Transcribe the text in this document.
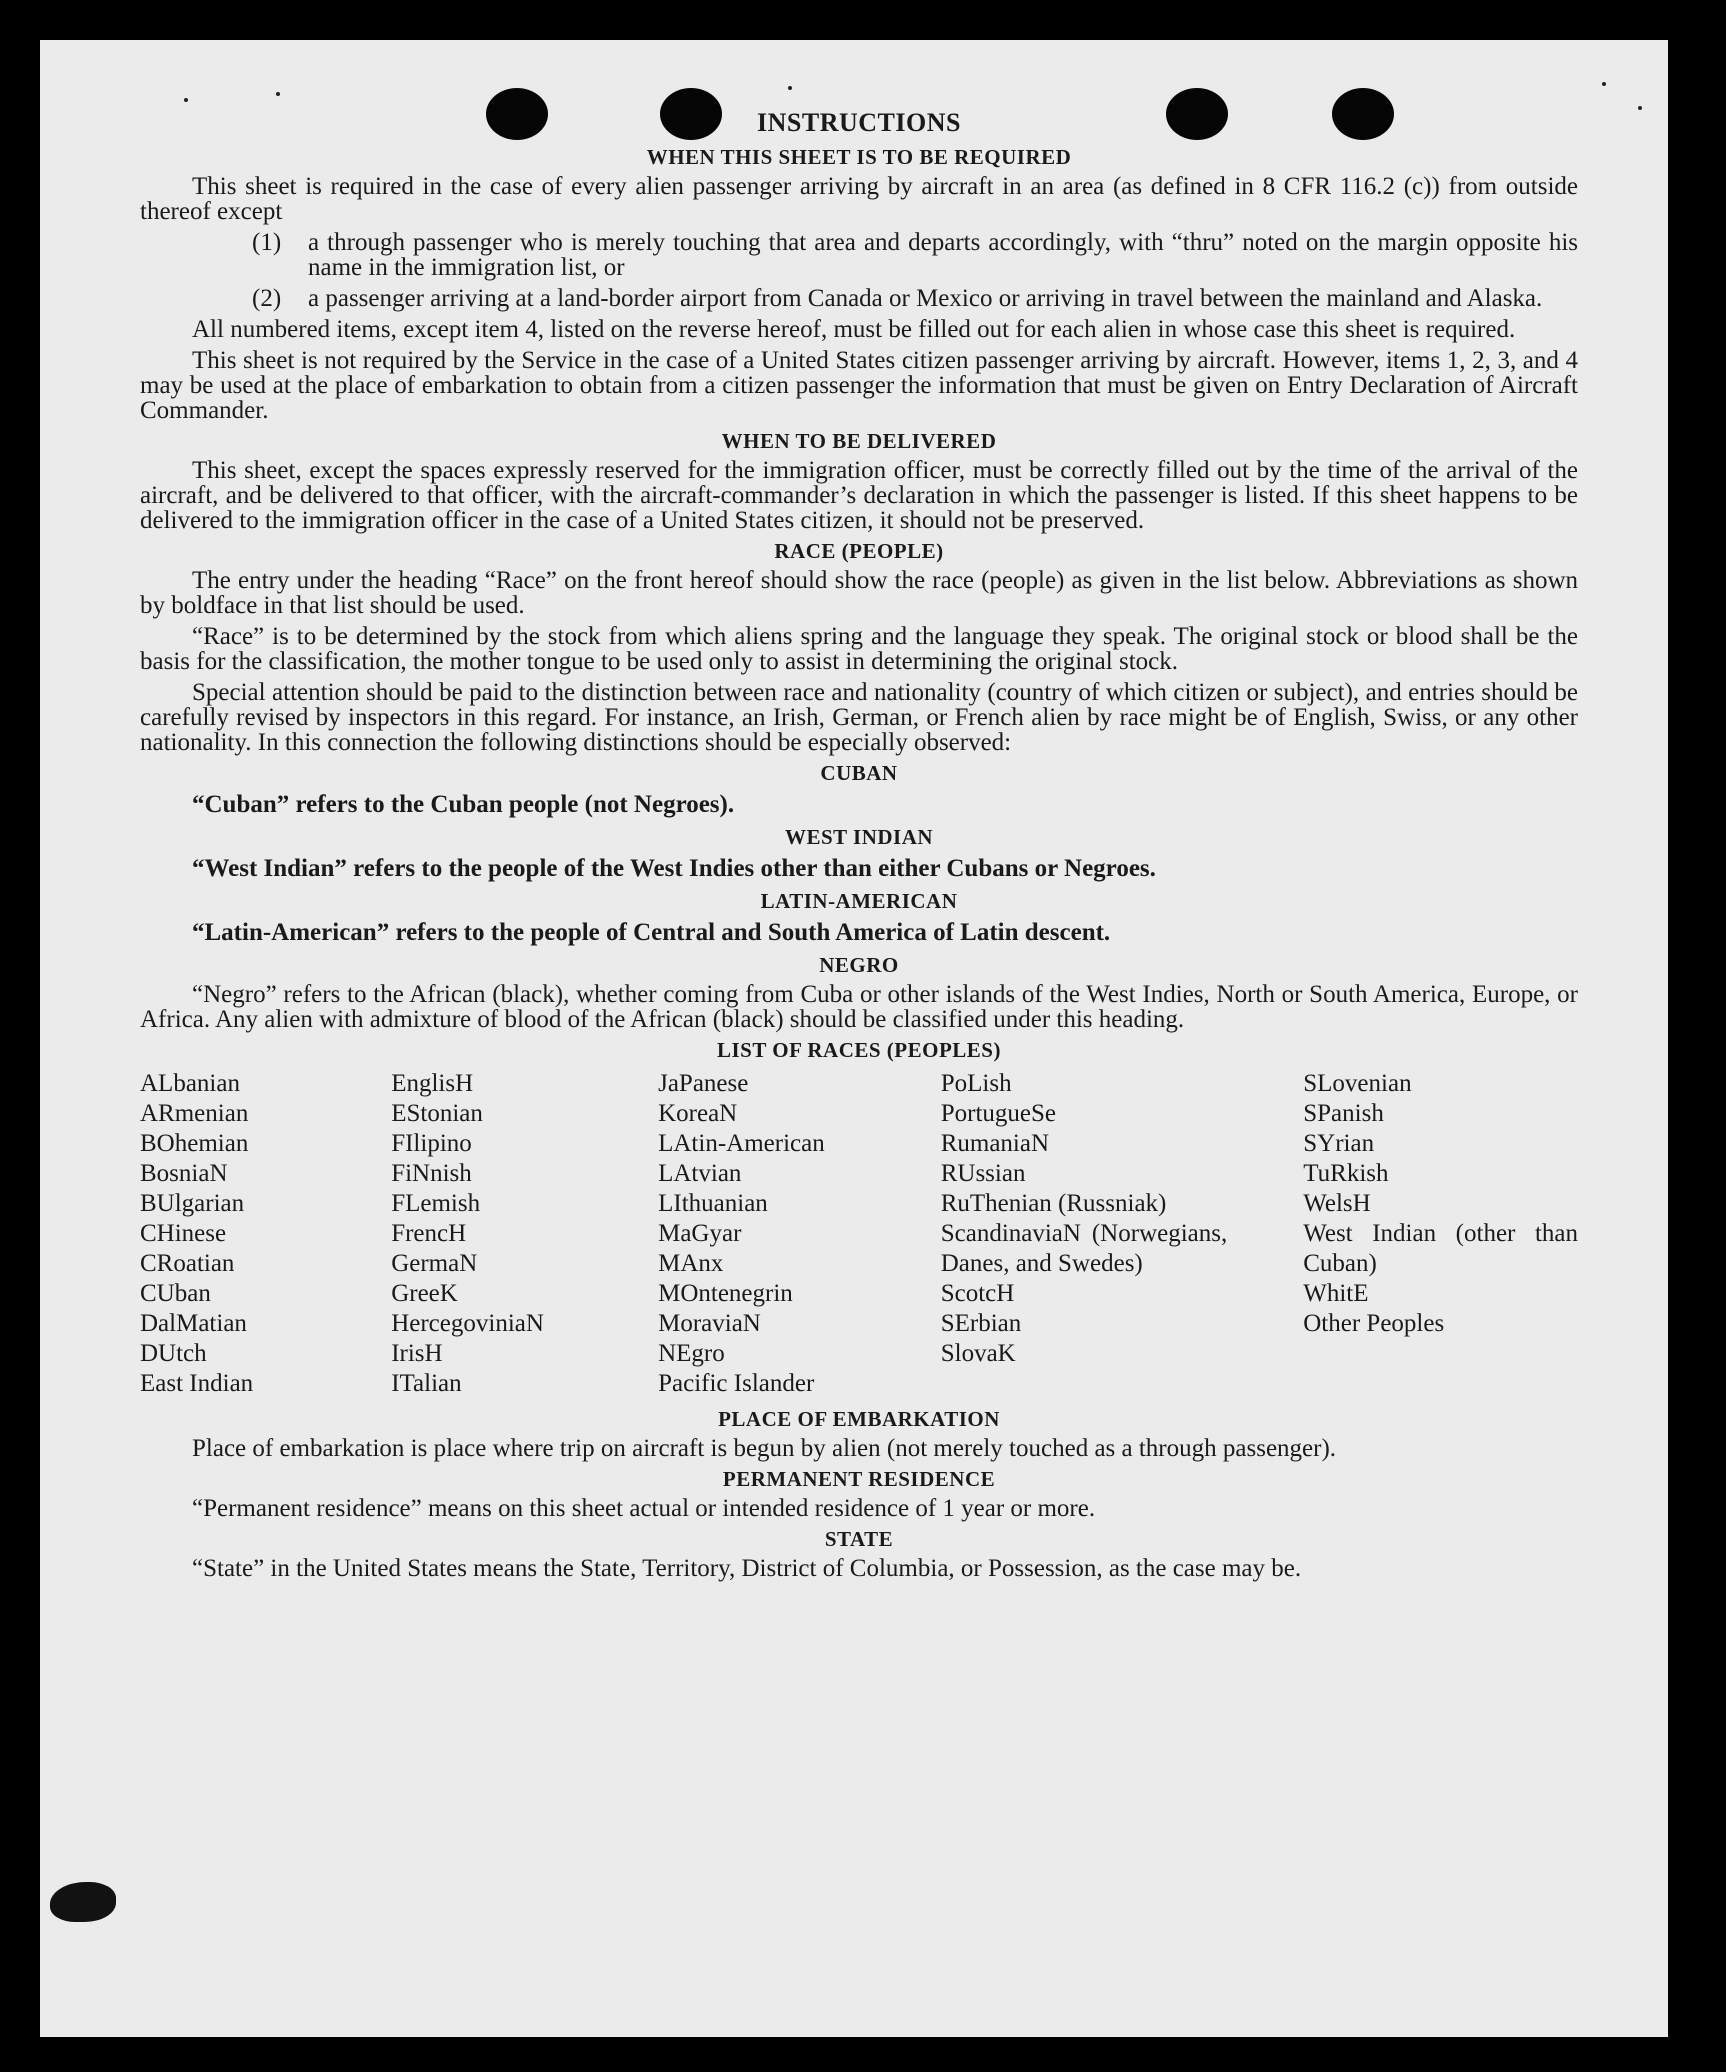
INSTRUCTIONS
WHEN THIS SHEET IS TO BE REQUIRED

This sheet is required in the case of every alien passenger arriving by aircraft in an area (as defined in 8 CFR 116.2 (c)) from outside thereof except

(1)	a through passenger who is merely touching that area and departs accordingly, with “thru” noted on the margin opposite his name in the immigration list, or
(2)	a passenger arriving at a land-border airport from Canada or Mexico or arriving in travel between the mainland and Alaska.

All numbered items, except item 4, listed on the reverse hereof, must be filled out for each alien in whose case this sheet is required.

This sheet is not required by the Service in the case of a United States citizen passenger arriving by aircraft. However, items 1, 2, 3, and 4 may be used at the place of embarkation to obtain from a citizen passenger the information that must be given on Entry Declaration of Aircraft Commander.

WHEN TO BE DELIVERED

This sheet, except the spaces expressly reserved for the immigration officer, must be correctly filled out by the time of the arrival of the aircraft, and be delivered to that officer, with the aircraft-commander’s declaration in which the passenger is listed. If this sheet happens to be delivered to the immigration officer in the case of a United States citizen, it should not be preserved.

RACE (PEOPLE)

The entry under the heading “Race” on the front hereof should show the race (people) as given in the list below. Abbreviations as shown by boldface in that list should be used.

“Race” is to be determined by the stock from which aliens spring and the language they speak. The original stock or blood shall be the basis for the classification, the mother tongue to be used only to assist in determining the original stock.

Special attention should be paid to the distinction between race and nationality (country of which citizen or subject), and entries should be carefully revised by inspectors in this regard. For instance, an Irish, German, or French alien by race might be of English, Swiss, or any other nationality. In this connection the following distinctions should be especially observed:

CUBAN
“Cuban” refers to the Cuban people (not Negroes).
WEST INDIAN
“West Indian” refers to the people of the West Indies other than either Cubans or Negroes.
LATIN-AMERICAN
“Latin-American” refers to the people of Central and South America of Latin descent.
NEGRO

“Negro” refers to the African (black), whether coming from Cuba or other islands of the West Indies, North or South America, Europe, or Africa. Any alien with admixture of blood of the African (black) should be classified under this heading.

LIST OF RACES (PEOPLES)
ALbanian
ARmenian
BOhemian
BosniaN
BUlgarian
CHinese
CRoatian
CUban
DalMatian
DUtch
East Indian
EnglisH
EStonian
FIlipino
FiNnish
FLemish
FrencH
GermaN
GreeK
HercegoviniaN
IrisH
ITalian
JaPanese
KoreaN
LAtin-American
LAtvian
LIthuanian
MaGyar
MAnx
MOntenegrin
MoraviaN
NEgro
Pacific Islander
PoLish
PortugueSe
RumaniaN
RUssian
RuThenian (Russniak)
ScandinaviaN (Norwegians, Danes, and Swedes)
ScotcH
SErbian
SlovaK
SLovenian
SPanish
SYrian
TuRkish
WelsH
West Indian (other than Cuban)
WhitE
Other Peoples
PLACE OF EMBARKATION

Place of embarkation is place where trip on aircraft is begun by alien (not merely touched as a through passenger).

PERMANENT RESIDENCE

“Permanent residence” means on this sheet actual or intended residence of 1 year or more.

STATE

“State” in the United States means the State, Territory, District of Columbia, or Possession, as the case may be.
